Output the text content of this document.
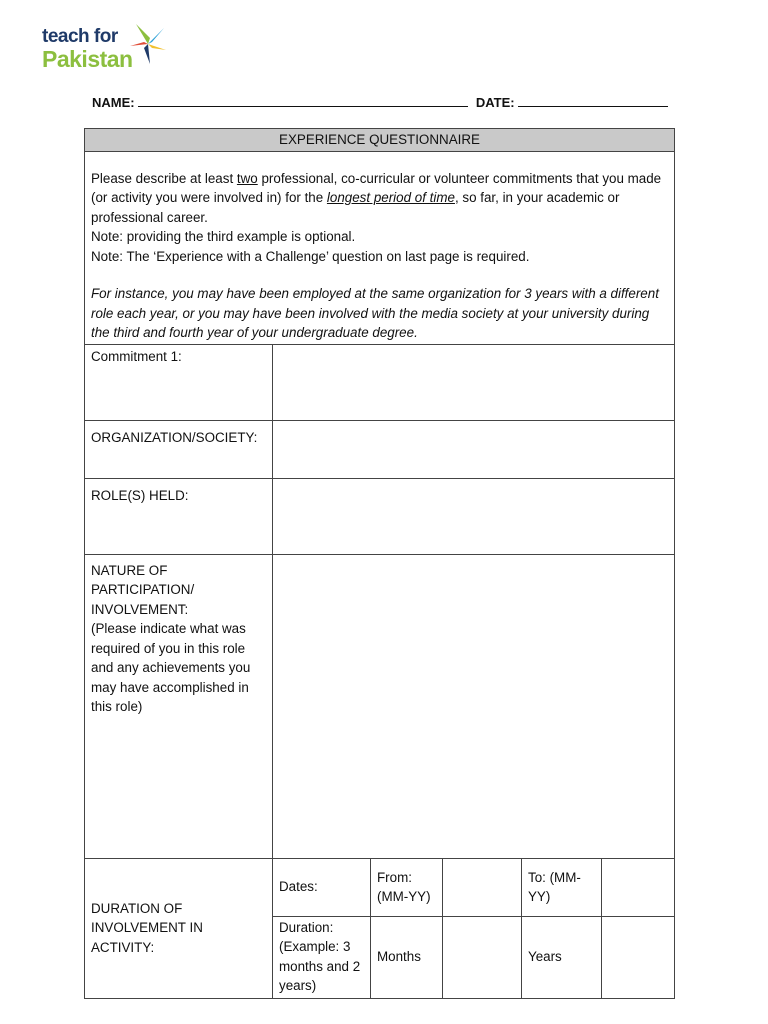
teach for
Pakistan
NAME:	DATE:
EXPERIENCE QUESTIONNAIRE					

Please describe at least two professional, co-curricular or volunteer commitments that you made (or activity you were involved in) for the longest period of time, so far, in your academic or professional career.

Note: providing the third example is optional.

Note: The ‘Experience with a Challenge’ question on last page is required.

For instance, you may have been employed at the same organization for 3 years with a different role each year, or you may have been involved with the media society at your university during the third and fourth year of your undergraduate degree.					

Commitment 1:					
ORGANIZATION/SOCIETY:					
ROLE(S) HELD:					

NATURE OF PARTICIPATION/ INVOLVEMENT:
(Please indicate what was required of you in this role and any achievements you may have accomplished in this role)					

DURATION OF INVOLVEMENT IN ACTIVITY:	Dates:	From: (MM-YY)		To: (MM-YY)	
	Duration: (Example: 3 months and 2 years)	Months		Years	
